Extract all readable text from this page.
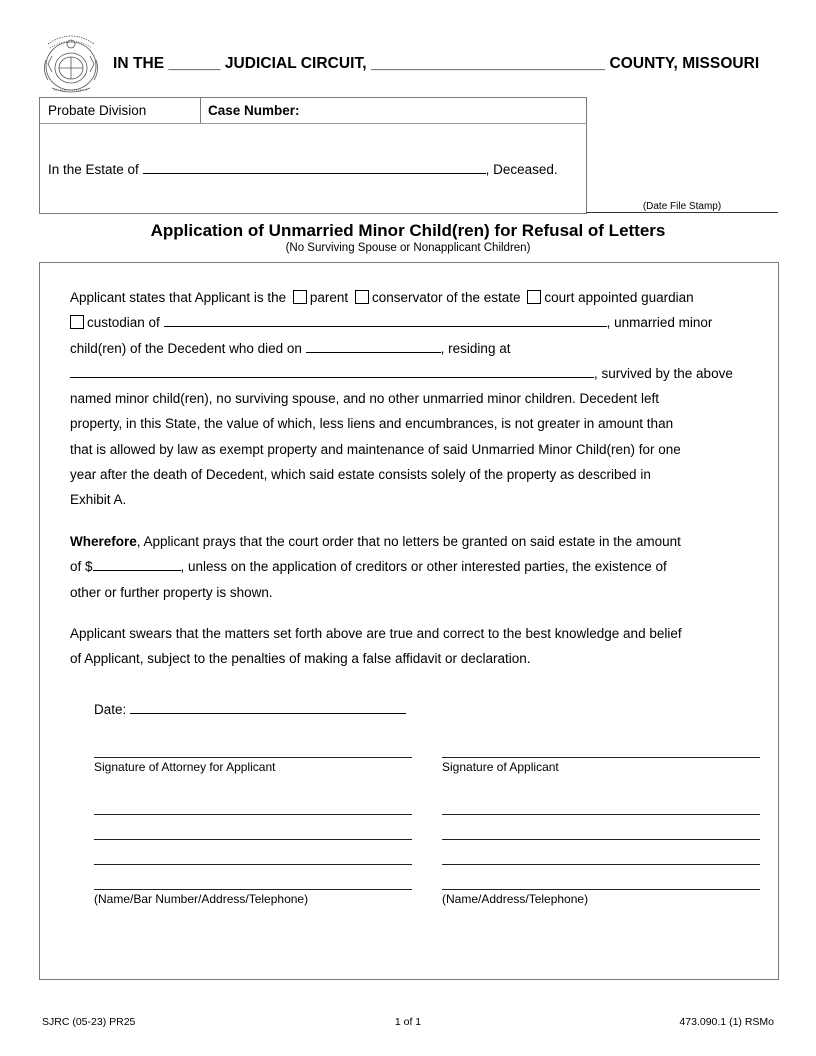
IN THE ______ JUDICIAL CIRCUIT, ___________________________ COUNTY, MISSOURI
Probate Division	Case Number:
In the Estate of	, Deceased.
(Date File Stamp)
Application of Unmarried Minor Child(ren) for Refusal of Letters
(No Surviving Spouse or Nonapplicant Children)
Applicant states that Applicant is the parent conservator of the estate court appointed guardian
custodian of	, unmarried minor
child(ren) of the Decedent who died on	, residing at
, survived by the above
named minor child(ren), no surviving spouse, and no other unmarried minor children. Decedent left
property, in this State, the value of which, less liens and encumbrances, is not greater in amount than
that is allowed by law as exempt property and maintenance of said Unmarried Minor Child(ren) for one
year after the death of Decedent, which said estate consists solely of the property as described in
Exhibit A.
Wherefore, Applicant prays that the court order that no letters be granted on said estate in the amount
of $	, unless on the application of creditors or other interested parties, the existence of
other or further property is shown.
Applicant swears that the matters set forth above are true and correct to the best knowledge and belief
of Applicant, subject to the penalties of making a false affidavit or declaration.
Date:
Signature of Attorney for Applicant	Signature of Applicant
(Name/Bar Number/Address/Telephone)	(Name/Address/Telephone)
SJRC (05-23) PR25	1 of 1	473.090.1 (1) RSMo
